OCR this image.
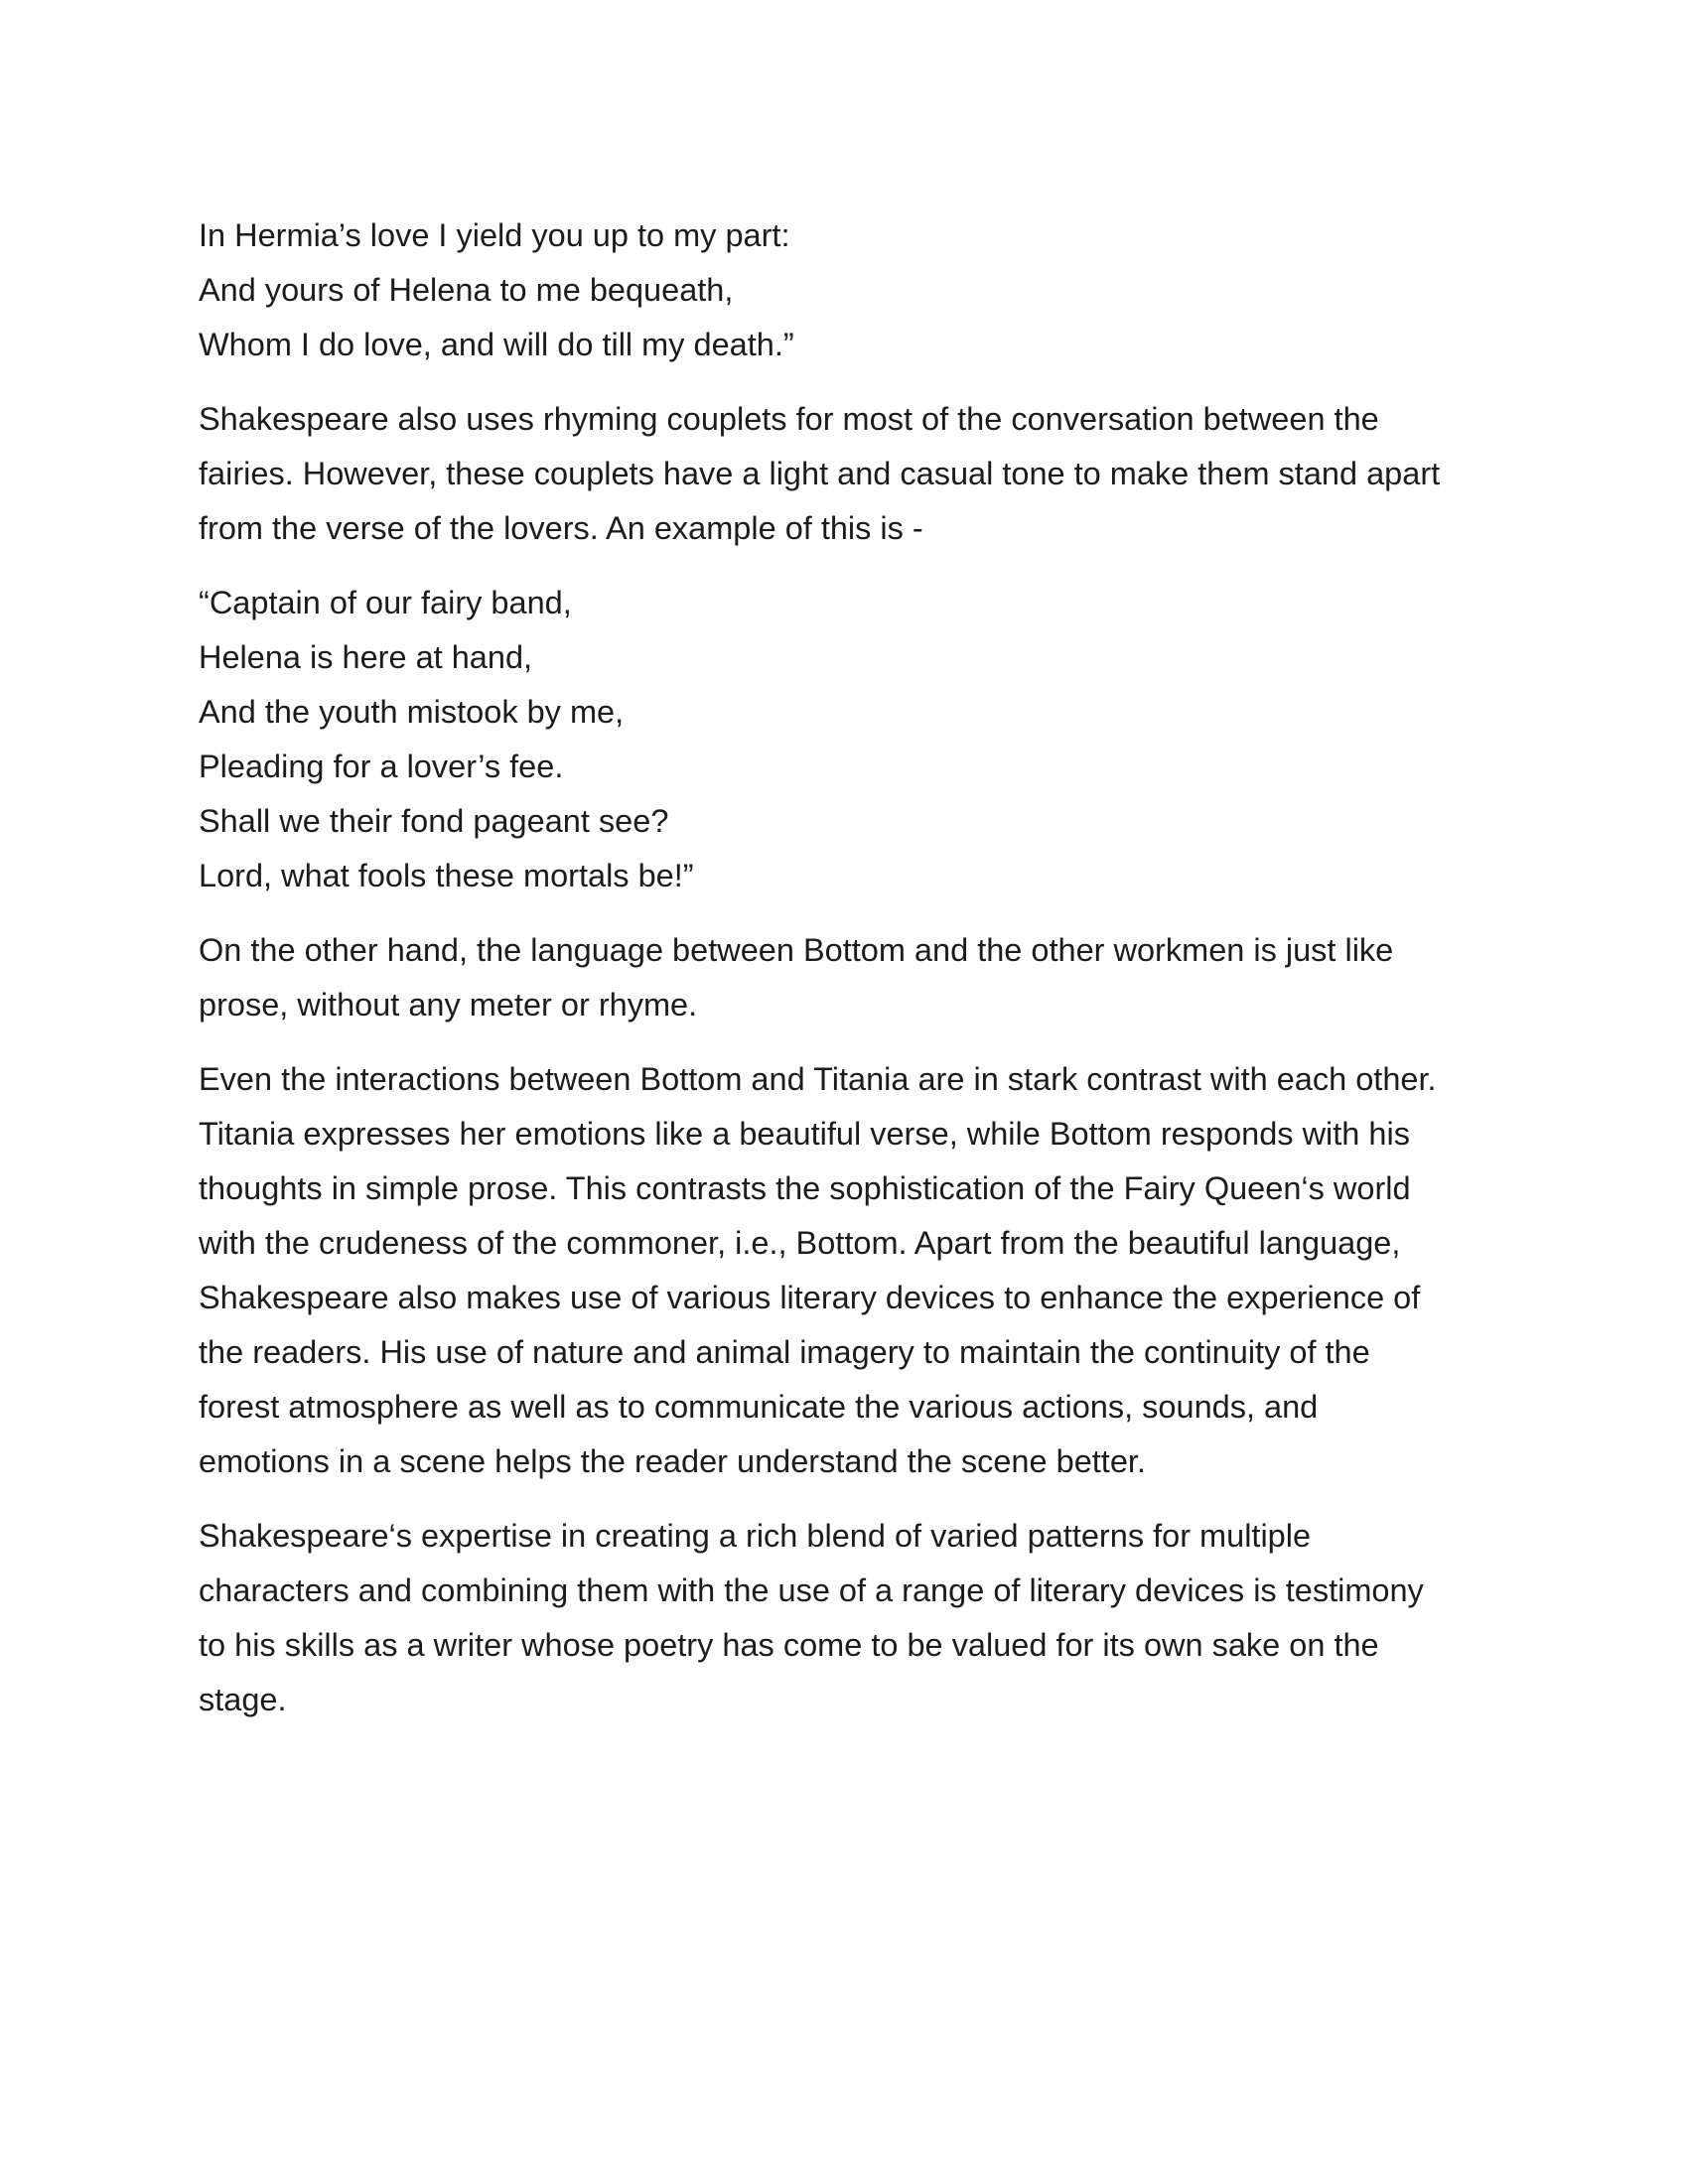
In Hermia’s love I yield you up to my part:
And yours of Helena to me bequeath,
Whom I do love, and will do till my death.”
Shakespeare also uses rhyming couplets for most of the conversation between the
fairies. However, these couplets have a light and casual tone to make them stand apart
from the verse of the lovers. An example of this is -
“Captain of our fairy band,
Helena is here at hand,
And the youth mistook by me,
Pleading for a lover’s fee.
Shall we their fond pageant see?
Lord, what fools these mortals be!”
On the other hand, the language between Bottom and the other workmen is just like
prose, without any meter or rhyme.
Even the interactions between Bottom and Titania are in stark contrast with each other.
Titania expresses her emotions like a beautiful verse, while Bottom responds with his
thoughts in simple prose. This contrasts the sophistication of the Fairy Queen‘s world
with the crudeness of the commoner, i.e., Bottom. Apart from the beautiful language,
Shakespeare also makes use of various literary devices to enhance the experience of
the readers. His use of nature and animal imagery to maintain the continuity of the
forest atmosphere as well as to communicate the various actions, sounds, and
emotions in a scene helps the reader understand the scene better.
Shakespeare‘s expertise in creating a rich blend of varied patterns for multiple
characters and combining them with the use of a range of literary devices is testimony
to his skills as a writer whose poetry has come to be valued for its own sake on the
stage.
